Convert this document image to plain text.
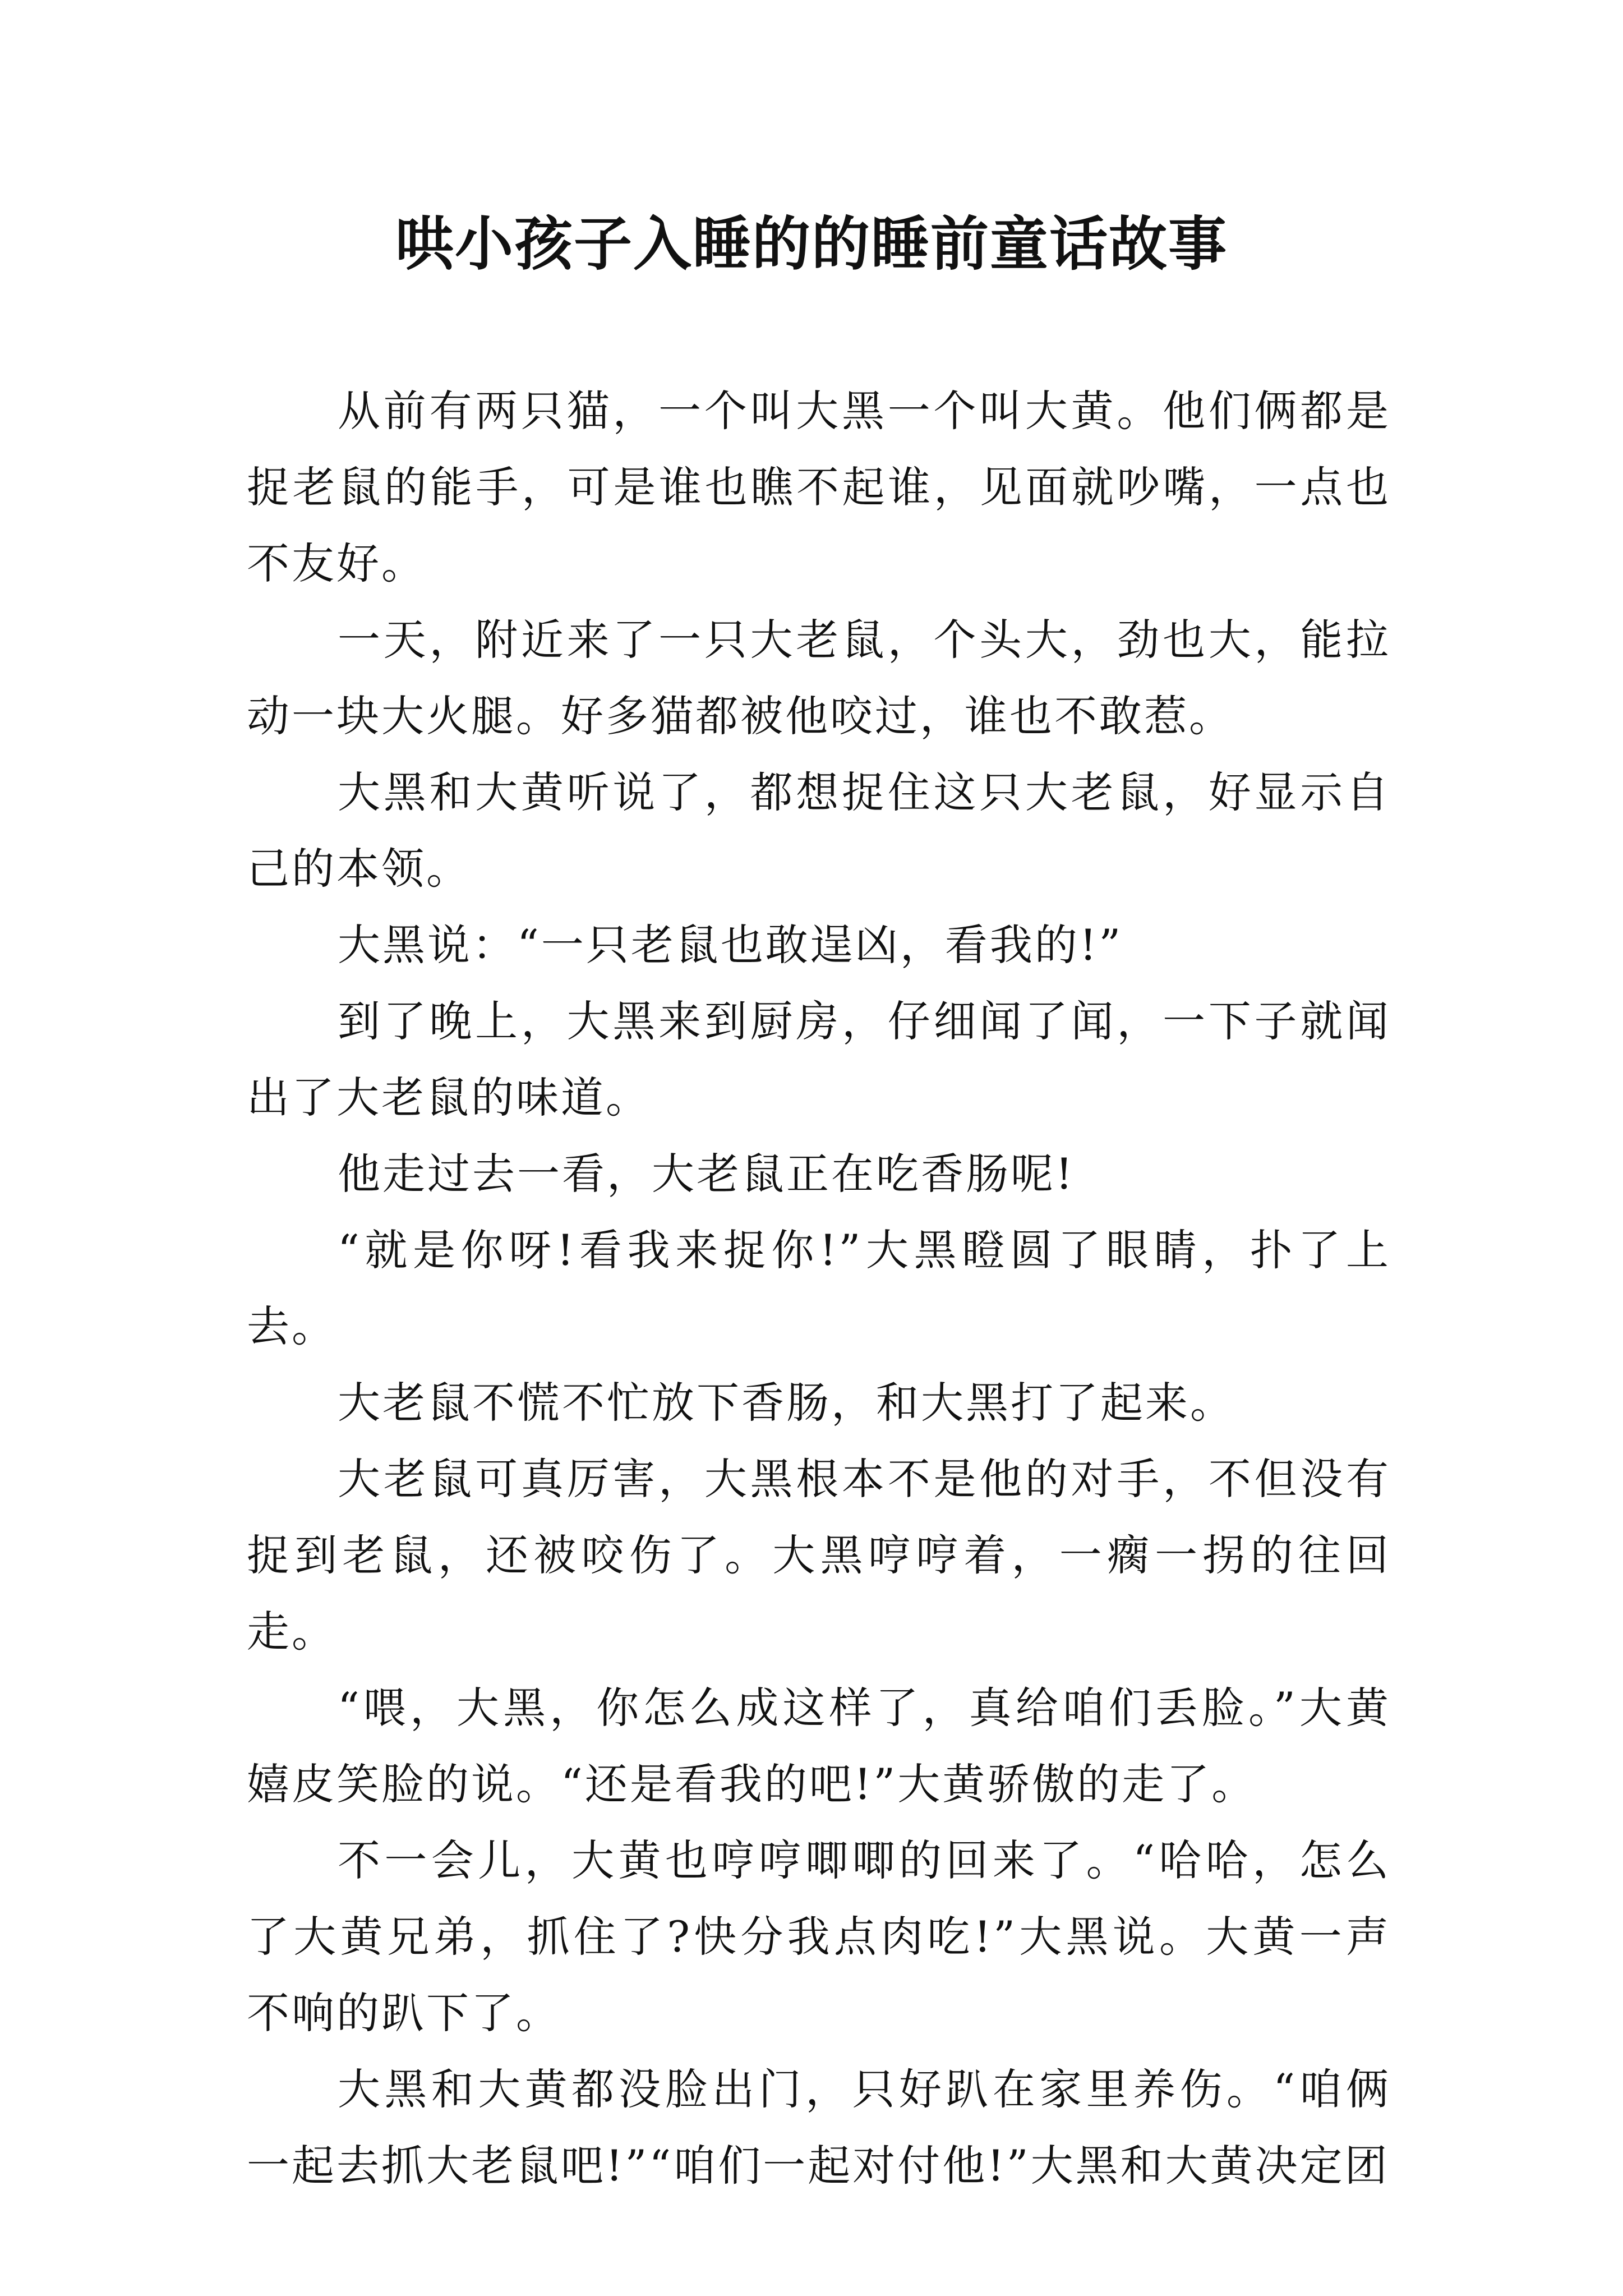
哄小孩子入睡的的睡前童话故事

从前有两只猫，一个叫大黑一个叫大黄。他们俩都是捉老鼠的能手，可是谁也瞧不起谁，见面就吵嘴，一点也不友好。

一天，附近来了一只大老鼠，个头大，劲也大，能拉动一块大火腿。好多猫都被他咬过，谁也不敢惹。

大黑和大黄听说了，都想捉住这只大老鼠，好显示自己的本领。

大黑说：“一只老鼠也敢逞凶，看我的!”

到了晚上，大黑来到厨房，仔细闻了闻，一下子就闻出了大老鼠的味道。

他走过去一看，大老鼠正在吃香肠呢!

“就是你呀!看我来捉你!”大黑瞪圆了眼睛，扑了上去。

大老鼠不慌不忙放下香肠，和大黑打了起来。

大老鼠可真厉害，大黑根本不是他的对手，不但没有捉到老鼠，还被咬伤了。大黑哼哼着，一瘸一拐的往回走。

“喂，大黑，你怎么成这样了，真给咱们丢脸。”大黄嬉皮笑脸的说。“还是看我的吧!”大黄骄傲的走了。

不一会儿，大黄也哼哼唧唧的回来了。“哈哈，怎么了大黄兄弟，抓住了?快分我点肉吃!”大黑说。大黄一声不响的趴下了。

大黑和大黄都没脸出门，只好趴在家里养伤。“咱俩一起去抓大老鼠吧!”“咱们一起对付他!”大黑和大黄决定团
